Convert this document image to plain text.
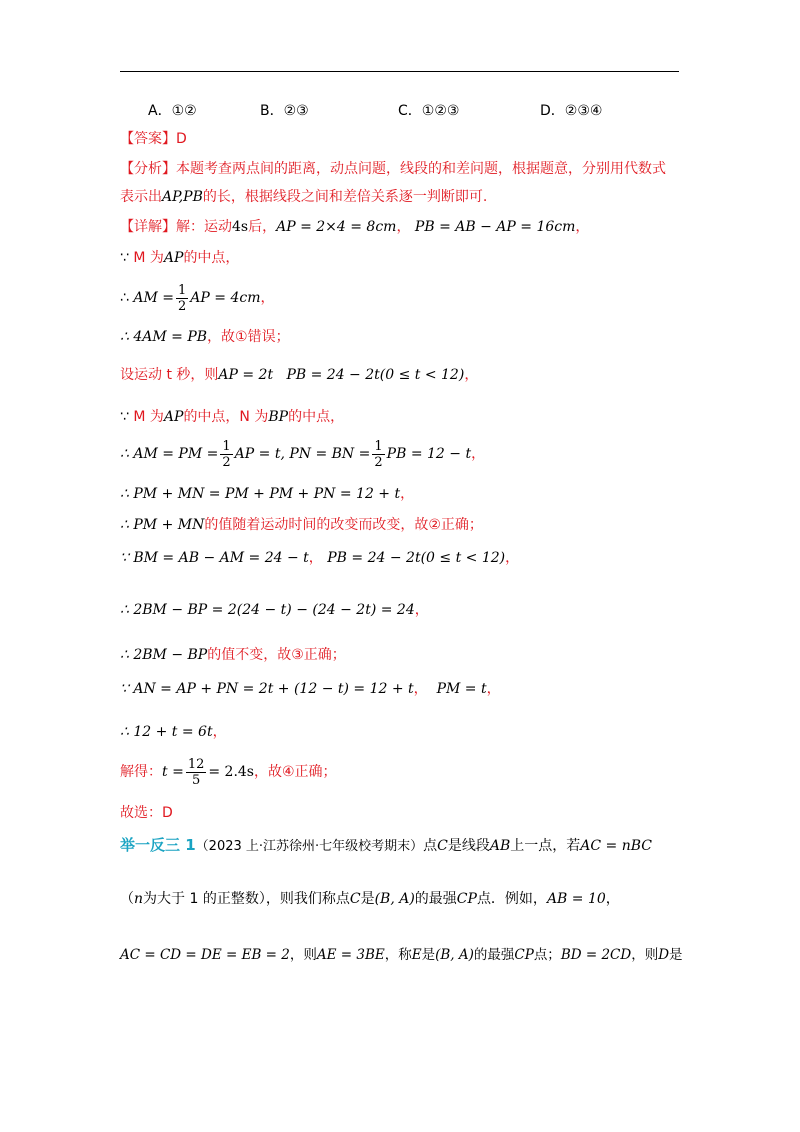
A．①②	B．②③	C．①②③	D．②③④
【答案】D
【分析】本题考查两点间的距离，动点问题，线段的和差问题，根据题意，分别用代数式
表示出AP,PB的长，根据线段之间和差倍关系逐一判断即可.
【详解】解：运动4s后，AP = 2×4 = 8cm， PB = AB − AP = 16cm，
∵ M 为AP的中点，
∴ AM = $\frac{1}{2}$ AP = 4cm，
∴ 4AM = PB，故①错误；
设运动 t 秒，则AP = 2t PB = 24 − 2t(0 ≤ t < 12)，
∵ M 为AP的中点，N 为BP的中点，
∴ AM = PM = $\frac{1}{2}$ AP = t, PN = BN = $\frac{1}{2}$ PB = 12 − t，
∴ PM + MN = PM + PM + PN = 12 + t，
∴ PM + MN的值随着运动时间的改变而改变，故②正确；
∵ BM = AB − AM = 24 − t， PB = 24 − 2t(0 ≤ t < 12)，
∴ 2BM − BP = 2(24 − t) − (24 − 2t) = 24，
∴ 2BM − BP的值不变，故③正确；
∵ AN = AP + PN = 2t + (12 − t) = 12 + t， PM = t，
∴ 12 + t = 6t，
解得：$t = \frac{12}{5} = 2.4s$，故④正确；
故选：D
举一反三 1（2023 上·江苏徐州·七年级校考期末）点C是线段AB上一点，若AC = nBC
（n为大于 1 的正整数），则我们称点C是(B, A)的最强CP点．例如，AB = 10，
AC = CD = DE = EB = 2，则AE = 3BE，称E是(B, A)的最强CP点；BD = 2CD，则D是
